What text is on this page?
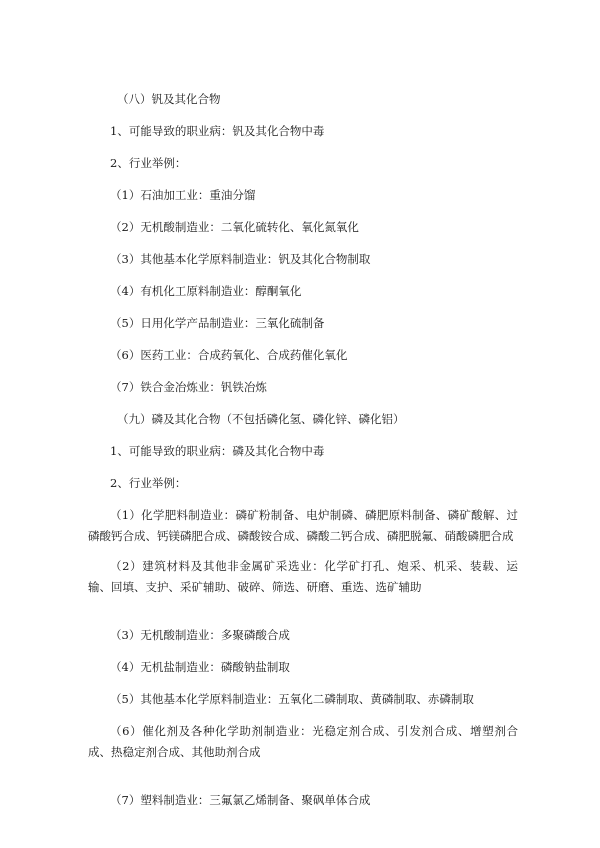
（八）钒及其化合物
1、可能导致的职业病：钒及其化合物中毒
2、行业举例：
（1）石油加工业：重油分馏
（2）无机酸制造业：二氧化硫转化、氧化氮氧化
（3）其他基本化学原料制造业：钒及其化合物制取
（4）有机化工原料制造业：醇酮氧化
（5）日用化学产品制造业：三氧化硫制备
（6）医药工业：合成药氧化、合成药催化氧化
（7）铁合金冶炼业：钒铁冶炼
（九）磷及其化合物（不包括磷化氢、磷化锌、磷化铝）
1、可能导致的职业病：磷及其化合物中毒
2、行业举例：
（1）化学肥料制造业：磷矿粉制备、电炉制磷、磷肥原料制备、磷矿酸解、过磷酸钙合成、钙镁磷肥合成、磷酸铵合成、磷酸二钙合成、磷肥脱氟、硝酸磷肥合成
（2）建筑材料及其他非金属矿采选业：化学矿打孔、炮采、机采、装载、运输、回填、支护、采矿辅助、破碎、筛选、研磨、重选、选矿辅助
（3）无机酸制造业：多聚磷酸合成
（4）无机盐制造业：磷酸钠盐制取
（5）其他基本化学原料制造业：五氧化二磷制取、黄磷制取、赤磷制取
（6）催化剂及各种化学助剂制造业：光稳定剂合成、引发剂合成、增塑剂合成、热稳定剂合成、其他助剂合成
（7）塑料制造业：三氟氯乙烯制备、聚砜单体合成
